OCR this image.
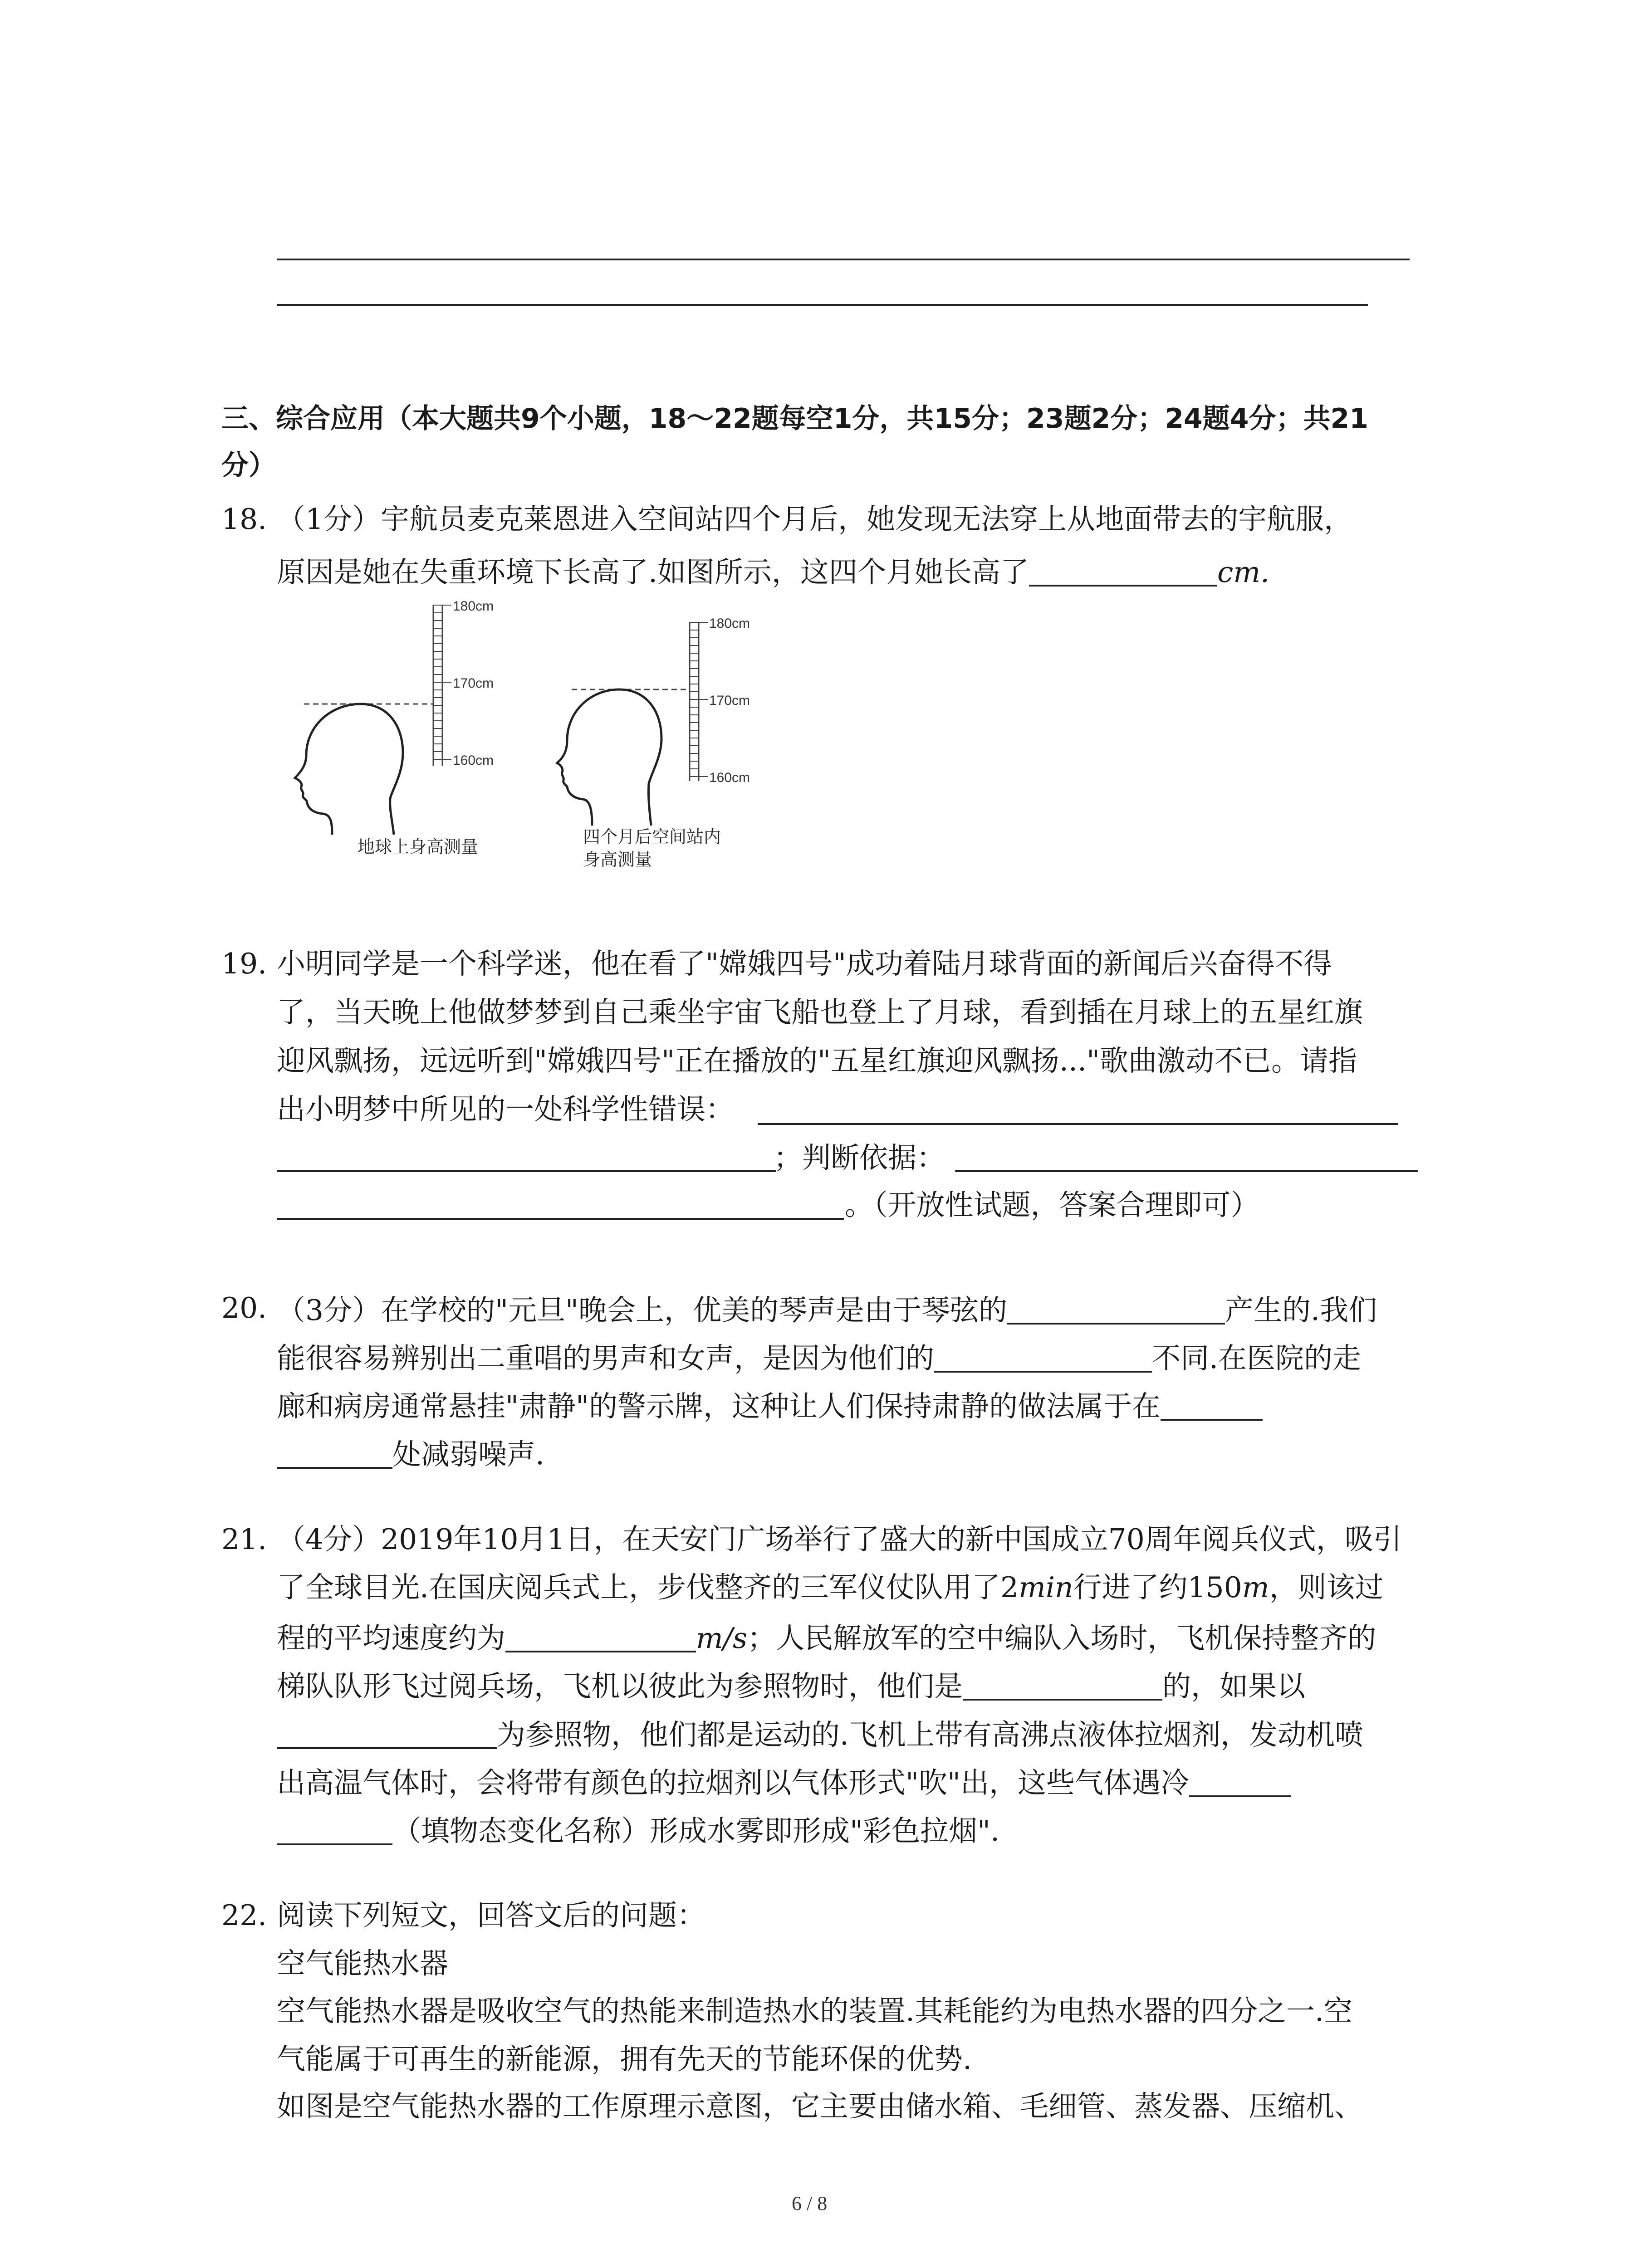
三、综合应用（本大题共9个小题，18～22题每空1分，共15分；23题2分；24题4分；共21
分）
18. （1分）宇航员麦克莱恩进入空间站四个月后，她发现无法穿上从地面带去的宇航服，
原因是她在失重环境下长高了.如图所示，这四个月她长高了	cm.
180cm
170cm
160cm
180cm
170cm
160cm
地球上身高测量
四个月后空间站内
身高测量
19. 小明同学是一个科学迷，他在看了"嫦娥四号"成功着陆月球背面的新闻后兴奋得不得
了，当天晚上他做梦梦到自己乘坐宇宙飞船也登上了月球，看到插在月球上的五星红旗
迎风飘扬，远远听到"嫦娥四号"正在播放的"五星红旗迎风飘扬..."歌曲激动不已。请指
出小明梦中所见的一处科学性错误：
；判断依据：
。（开放性试题，答案合理即可）
20. （3分）在学校的"元旦"晚会上，优美的琴声是由于琴弦的	产生的.我们
能很容易辨别出二重唱的男声和女声，是因为他们的	不同.在医院的走
廊和病房通常悬挂"肃静"的警示牌，这种让人们保持肃静的做法属于在
处减弱噪声.
21. （4分）2019年10月1日，在天安门广场举行了盛大的新中国成立70周年阅兵仪式，吸引
了全球目光.在国庆阅兵式上，步伐整齐的三军仪仗队用了2min行进了约150m，则该过
程的平均速度约为	m/s；人民解放军的空中编队入场时，飞机保持整齐的
梯队队形飞过阅兵场，飞机以彼此为参照物时，他们是	的，如果以
为参照物，他们都是运动的.飞机上带有高沸点液体拉烟剂，发动机喷
出高温气体时，会将带有颜色的拉烟剂以气体形式"吹"出，这些气体遇冷
（填物态变化名称）形成水雾即形成"彩色拉烟".
22. 阅读下列短文，回答文后的问题：
空气能热水器
空气能热水器是吸收空气的热能来制造热水的装置.其耗能约为电热水器的四分之一.空
气能属于可再生的新能源，拥有先天的节能环保的优势.
如图是空气能热水器的工作原理示意图，它主要由储水箱、毛细管、蒸发器、压缩机、
6 / 8
